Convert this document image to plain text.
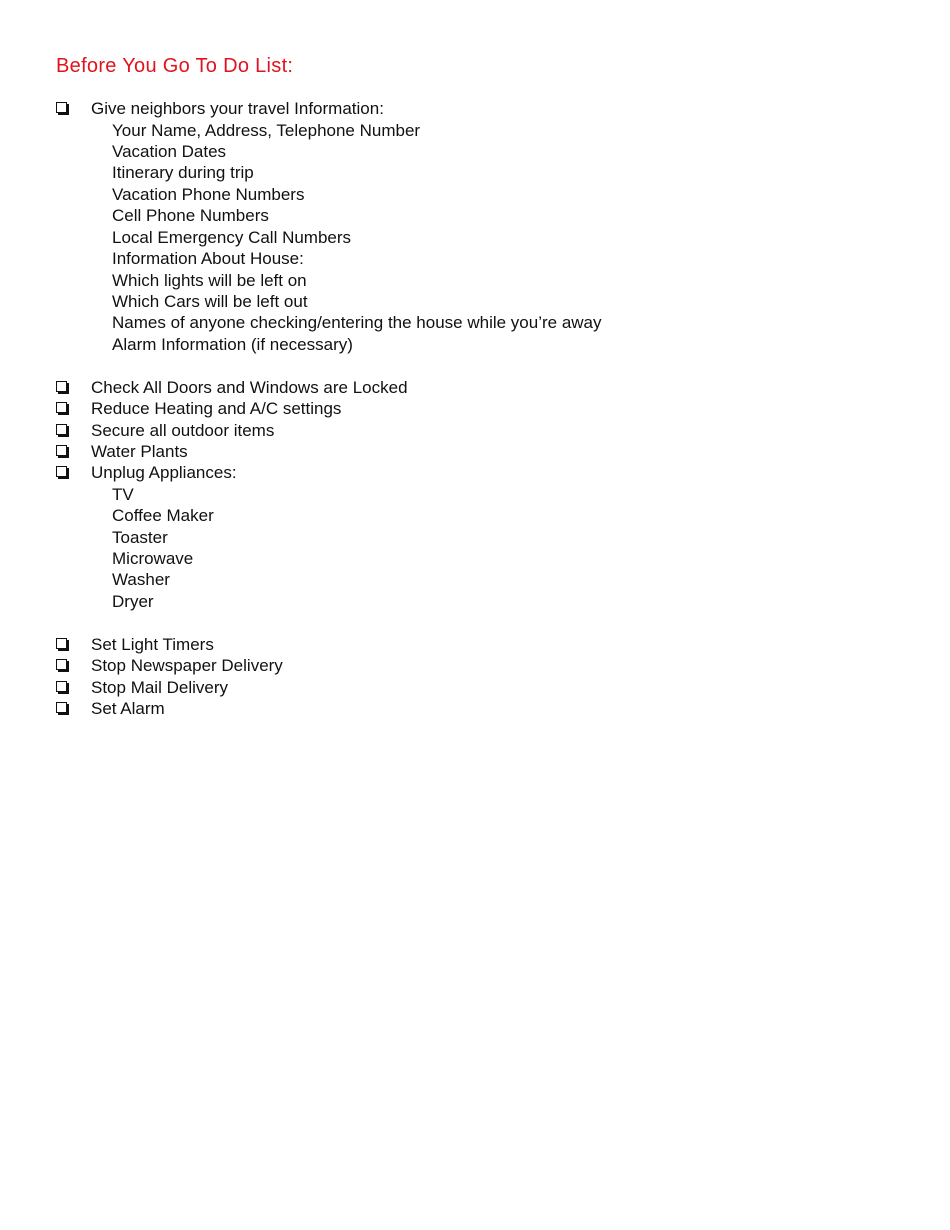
Before You Go To Do List:
Give neighbors your travel Information:
Your Name, Address, Telephone Number
Vacation Dates
Itinerary during trip
Vacation Phone Numbers
Cell Phone Numbers
Local Emergency Call Numbers
Information About House:
Which lights will be left on
Which Cars will be left out
Names of anyone checking/entering the house while you’re away
Alarm Information (if necessary)
Check All Doors and Windows are Locked
Reduce Heating and A/C settings
Secure all outdoor items
Water Plants
Unplug Appliances:
TV
Coffee Maker
Toaster
Microwave
Washer
Dryer
Set Light Timers
Stop Newspaper Delivery
Stop Mail Delivery
Set Alarm
